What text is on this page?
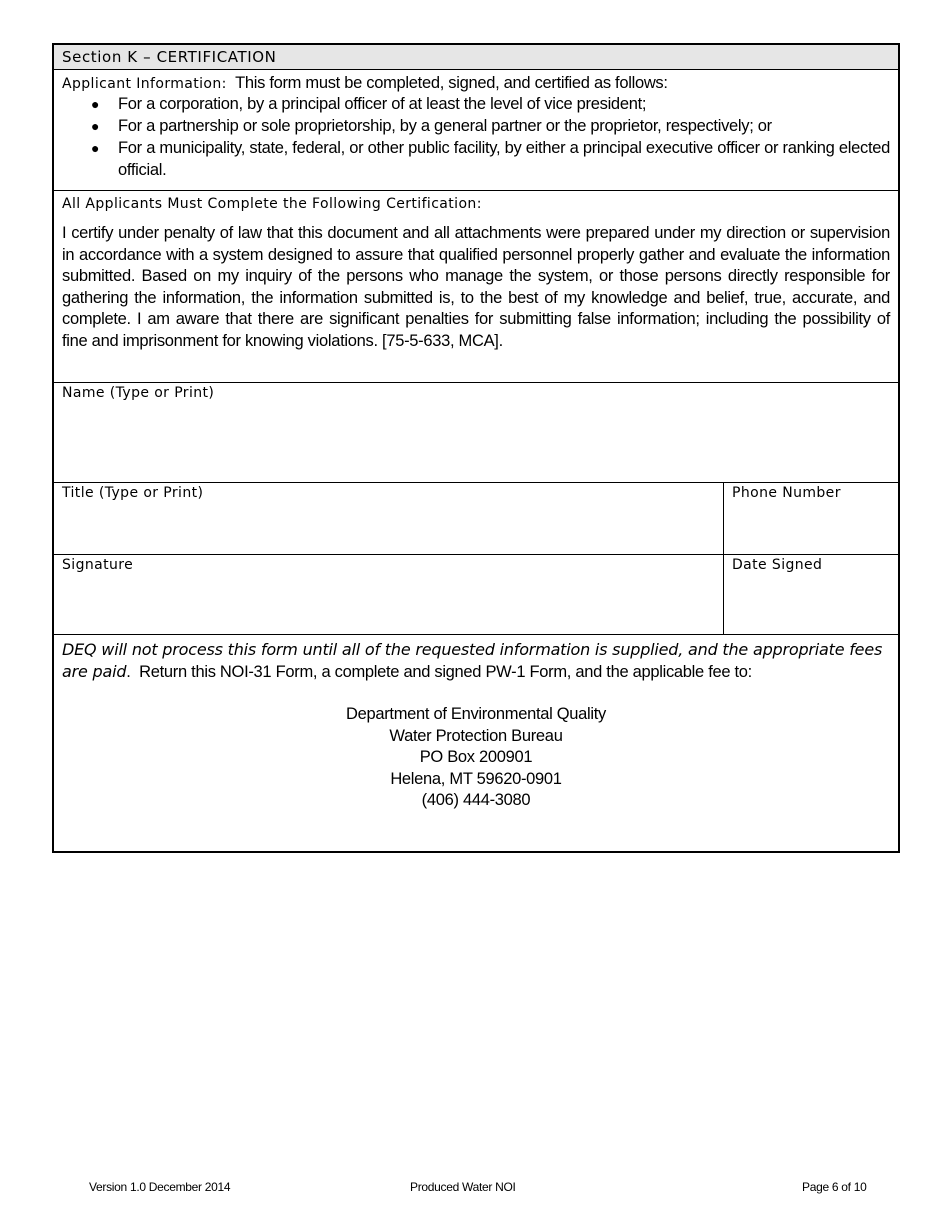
Section K – CERTIFICATION
Applicant Information: This form must be completed, signed, and certified as follows:
● For a corporation, by a principal officer of at least the level of vice president;
● For a partnership or sole proprietorship, by a general partner or the proprietor, respectively; or
● For a municipality, state, federal, or other public facility, by either a principal executive officer or ranking elected official.
All Applicants Must Complete the Following Certification:
I certify under penalty of law that this document and all attachments were prepared under my direction or supervision in accordance with a system designed to assure that qualified personnel properly gather and evaluate the information submitted. Based on my inquiry of the persons who manage the system, or those persons directly responsible for gathering the information, the information submitted is, to the best of my knowledge and belief, true, accurate, and complete. I am aware that there are significant penalties for submitting false information; including the possibility of fine and imprisonment for knowing violations. [75-5-633, MCA].
Name (Type or Print)
Title (Type or Print)	Phone Number
Signature	Date Signed
DEQ will not process this form until all of the requested information is supplied, and the appropriate fees are paid. Return this NOI-31 Form, a complete and signed PW-1 Form, and the applicable fee to:
Department of Environmental Quality
Water Protection Bureau
PO Box 200901
Helena, MT 59620-0901
(406) 444-3080
Version 1.0 December 2014	Produced Water NOI	Page 6 of 10
